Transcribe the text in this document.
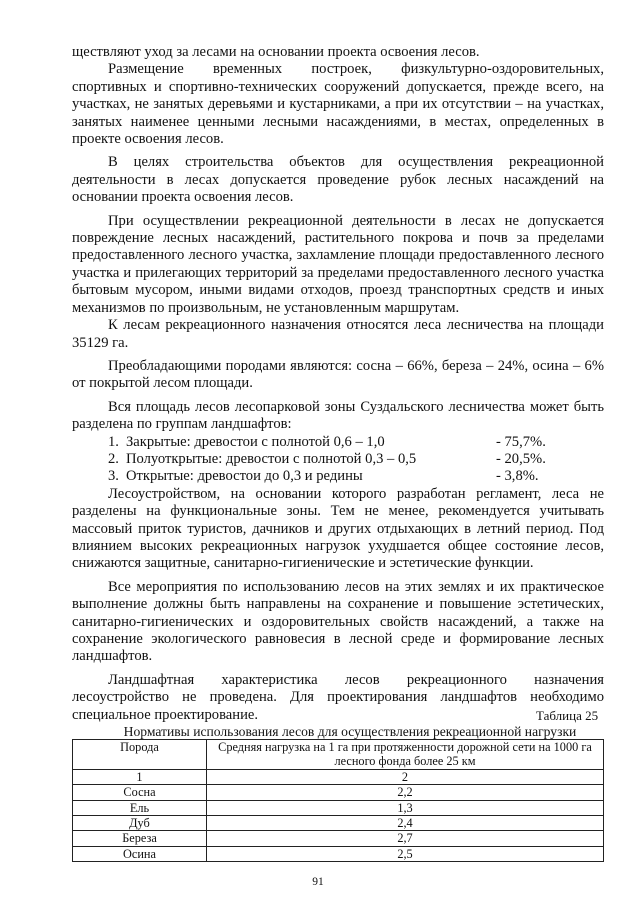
ществляют уход за лесами на основании проекта освоения лесов.

Размещение временных построек, физкультурно-оздоровительных, спортивных и спортивно-технических сооружений допускается, прежде всего, на участках, не занятых деревьями и кустарниками, а при их отсутствии – на участках, занятых наименее ценными лесными насаждениями, в местах, определенных в проекте освоения лесов.

В целях строительства объектов для осуществления рекреационной деятельности в лесах допускается проведение рубок лесных насаждений на основании проекта освоения лесов.

При осуществлении рекреационной деятельности в лесах не допускается повреждение лесных насаждений, растительного покрова и почв за пределами предоставленного лесного участка, захламление площади предоставленного лесного участка и прилегающих территорий за пределами предоставленного лесного участка бытовым мусором, иными видами отходов, проезд транспортных средств и иных механизмов по произвольным, не установленным маршрутам.

К лесам рекреационного назначения относятся леса лесничества на площади 35129 га.

Преобладающими породами являются: сосна – 66%, береза – 24%, осина – 6% от покрытой лесом площади.

Вся площадь лесов лесопарковой зоны Суздальского лесничества может быть разделена по группам ландшафтов:

1. Закрытые: древостои с полнотой 0,6 – 1,0	- 75,7%.
2. Полуоткрытые: древостои с полнотой 0,3 – 0,5	- 20,5%.
3. Открытые: древостои до 0,3 и редины	- 3,8%.

Лесоустройством, на основании которого разработан регламент, леса не разделены на функциональные зоны. Тем не менее, рекомендуется учитывать массовый приток туристов, дачников и других отдыхающих в летний период. Под влиянием высоких рекреационных нагрузок ухудшается общее состояние лесов, снижаются защитные, санитарно-гигиенические и эстетические функции.

Все мероприятия по использованию лесов на этих землях и их практическое выполнение должны быть направлены на сохранение и повышение эстетических, санитарно-гигиенических и оздоровительных свойств насаждений, а также на сохранение экологического равновесия в лесной среде и формирование лесных ландшафтов.

Ландшафтная характеристика лесов рекреационного назначения лесоустройство не проведена. Для проектирования ландшафтов необходимо специальное проектирование.	Таблица 25
Нормативы использования лесов для осуществления рекреационной нагрузки
Порода	Средняя нагрузка на 1 га при протяженности дорожной сети на 1000 га лесного фонда более 25 км
1	2
Сосна	2,2
Ель	1,3
Дуб	2,4
Береза	2,7
Осина	2,5
91
